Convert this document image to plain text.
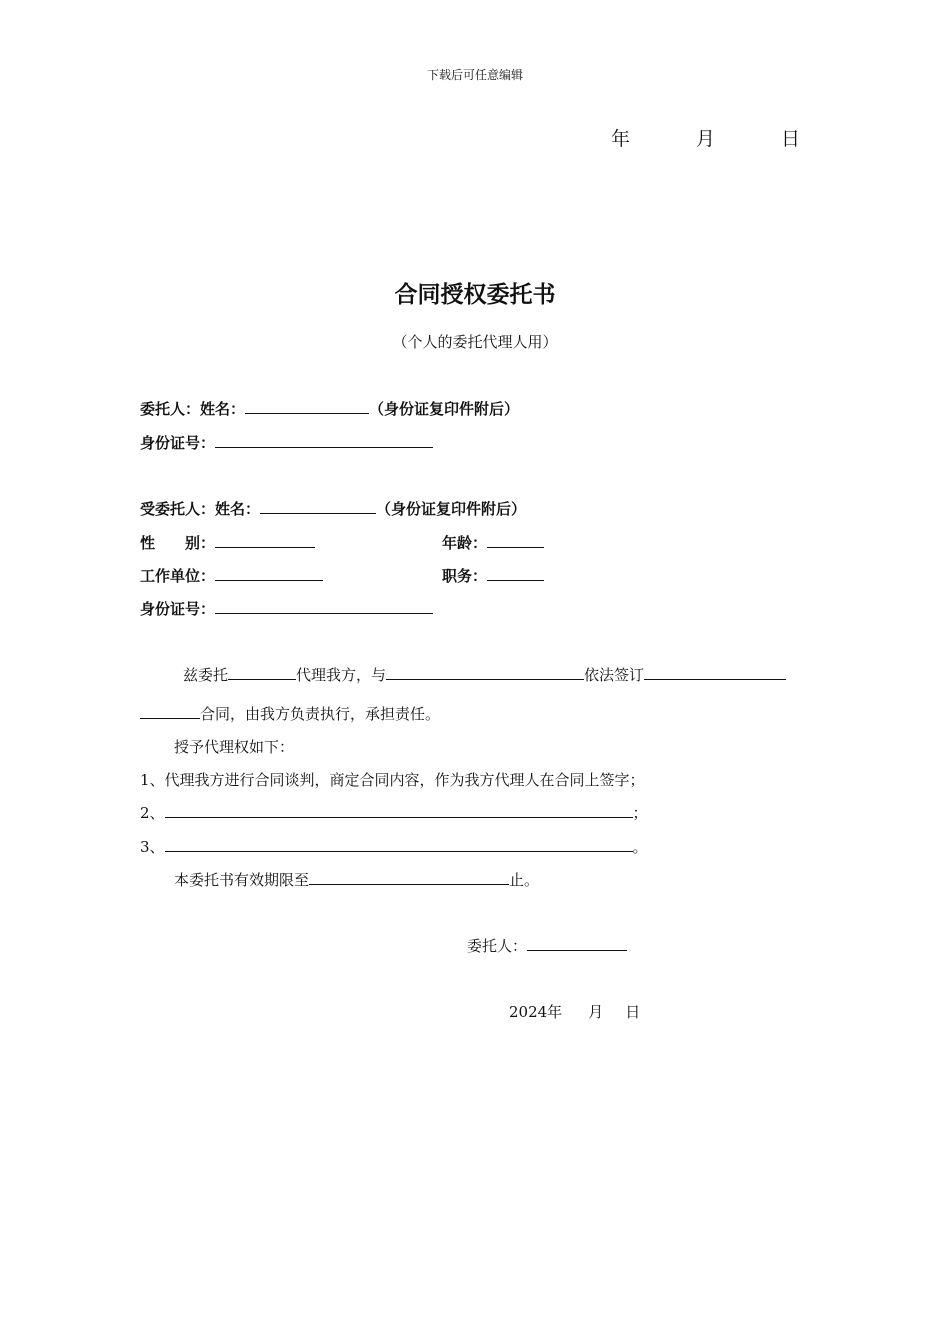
下载后可任意编辑
年	月	日
合同授权委托书
（个人的委托代理人用）
委托人：姓名：	（身份证复印件附后）
身份证号：
受委托人：姓名：	（身份证复印件附后）
性　　别：	年龄：
工作单位：	职务：
身份证号：
兹委托	代理我方，与	依法签订
合同，由我方负责执行，承担责任。
授予代理权如下：
1、代理我方进行合同谈判，商定合同内容，作为我方代理人在合同上签字；
2、	；
3、	。
本委托书有效期限至	止。
委托人：
2024年 月 日
